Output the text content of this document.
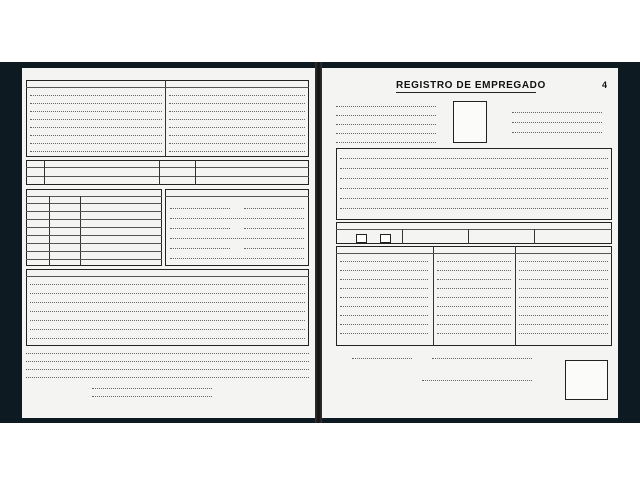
REGISTRO DE EMPREGADO	4
